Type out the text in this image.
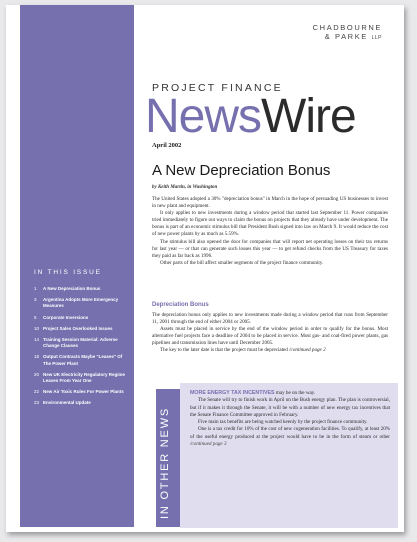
CHADBOURNE
& PARKE LLP
PROJECT FINANCE
NewsWire
April 2002
A New Depreciation Bonus
by Keith Martin, in Washington

The United States adopted a 30% "depreciation bonus" in March in the hope of persuading US businesses to invest in new plant and equipment.

It only applies to new investments during a window period that started last September 11. Power companies tried immediately to figure out ways to claim the bonus on projects that they already have under development. The bonus is part of an economic stimulus bill that President Bush signed into law on March 9. It would reduce the cost of new power plants by as much as 5.59%.

The stimulus bill also opened the door for companies that will report net operating losses on their tax returns for last year — or that can generate such losses this year — to get refund checks from the US Treasury for taxes they paid as far back as 1996.

Other parts of the bill affect smaller segments of the project finance community.

Depreciation Bonus

The depreciation bonus only applies to new investments made during a window period that runs from September 11, 2001 through the end of either 2004 or 2005.

Assets must be placed in service by the end of the window period in order to qualify for the bonus. Most alternative fuel projects face a deadline of 2004 to be placed in service. Most gas- and coal-fired power plants, gas pipelines and transmission lines have until December 2005.

The key to the later date is that the project must be depreciated /continued page 2

IN THIS ISSUE
1	A New Depreciation Bonus
3	Argentina Adopts More Emergency Measures
5	Corporate Inversions
10 Project Sales Overlooked Issues
14 Training Session Material: Adverse Change Clauses
18 Output Contracts Maybe "Leases" Of The Power Plant
20 New UK Electricity Regulatory Regime Leaves From Year One
22 New Air Toxic Rules For Power Plants
23 Environmental Update
IN OTHER NEWS

MORE ENERGY TAX INCENTIVES may be on the way.

The Senate will try to finish work in April on the Bush energy plan. The plan is controversial, but if it makes it through the Senate, it will be with a number of new energy tax incentives that the Senate Finance Committee approved in February.

Five main tax benefits are being watched keenly by the project finance community.

One is a tax credit for 10% of the cost of new cogeneration facilities. To qualify, at least 20% of the useful energy produced at the project would have to be in the form of steam or other /continued page 3
